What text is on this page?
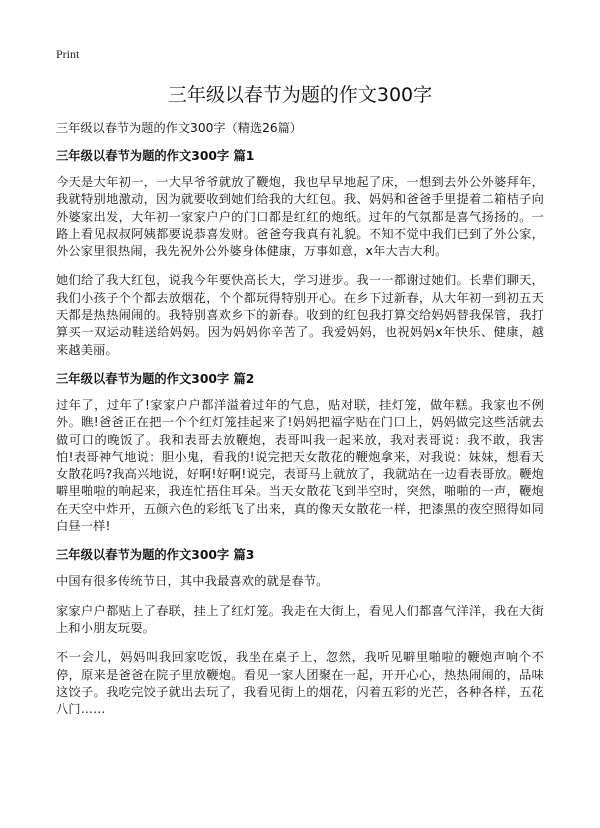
Print
三年级以春节为题的作文300字

三年级以春节为题的作文300字（精选26篇）

三年级以春节为题的作文300字 篇1

今天是大年初一，一大早爷爷就放了鞭炮，我也早早地起了床，一想到去外公外婆拜年，我就特别地激动，因为就要收到她们给我的大红包。我、妈妈和爸爸手里提着二箱桔子向外婆家出发，大年初一家家户户的门口都是红红的炮纸。过年的气氛都是喜气扬扬的。一路上看见叔叔阿姨都要说恭喜发财。爸爸夸我真有礼貌。不知不觉中我们已到了外公家，外公家里很热闹，我先祝外公外婆身体健康，万事如意，x年大吉大利。

她们给了我大红包，说我今年要快高长大，学习进步。我一一都谢过她们。长辈们聊天，我们小孩子个个都去放烟花，个个都玩得特别开心。在乡下过新春，从大年初一到初五天天都是热热闹闹的。我特别喜欢乡下的新春。收到的红包我打算交给妈妈替我保管，我打算买一双运动鞋送给妈妈。因为妈妈你辛苦了。我爱妈妈，也祝妈妈x年快乐、健康，越来越美丽。

三年级以春节为题的作文300字 篇2

过年了，过年了!家家户户都洋溢着过年的气息，贴对联，挂灯笼，做年糕。我家也不例外。瞧!爸爸正在把一个个红灯笼挂起来了!妈妈把福字贴在门口上，妈妈做完这些活就去做可口的晚饭了。我和表哥去放鞭炮，表哥叫我一起来放，我对表哥说：我不敢，我害怕!表哥神气地说：胆小鬼，看我的!说完把天女散花的鞭炮拿来，对我说：妹妹，想看天女散花吗?我高兴地说，好啊!好啊!说完，表哥马上就放了，我就站在一边看表哥放。鞭炮噼里啪啦的响起来，我连忙捂住耳朵。当天女散花飞到半空时，突然，啪啪的一声，鞭炮在天空中炸开，五颜六色的彩纸飞了出来，真的像天女散花一样，把漆黑的夜空照得如同白昼一样!

三年级以春节为题的作文300字 篇3

中国有很多传统节日，其中我最喜欢的就是春节。

家家户户都贴上了春联，挂上了红灯笼。我走在大街上，看见人们都喜气洋洋，我在大街上和小朋友玩耍。

不一会儿，妈妈叫我回家吃饭，我坐在桌子上，忽然，我听见噼里啪啦的鞭炮声响个不停，原来是爸爸在院子里放鞭炮。看见一家人团聚在一起，开开心心，热热闹闹的，品味这饺子。我吃完饺子就出去玩了，我看见街上的烟花，闪着五彩的光芒，各种各样，五花八门……
